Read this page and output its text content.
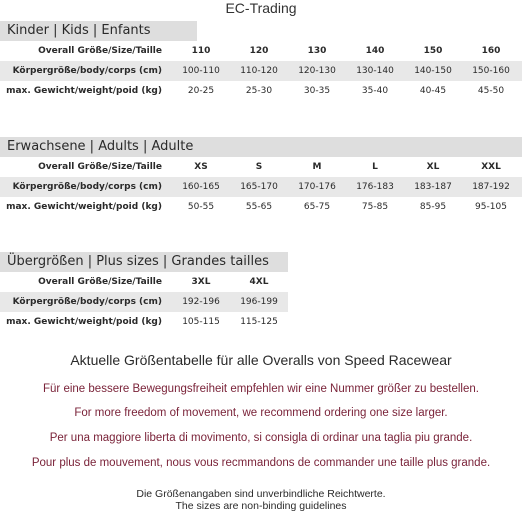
EC-Trading
Kinder | Kids | Enfants
Overall Größe/Size/Taille	110	120	130	140	150	160
Körpergröße/body/corps (cm)	100-110	110-120	120-130	130-140	140-150	150-160
max. Gewicht/weight/poid (kg)	20-25	25-30	30-35	35-40	40-45	45-50
Erwachsene | Adults | Adulte
Overall Größe/Size/Taille	XS	S	M	L	XL	XXL
Körpergröße/body/corps (cm)	160-165	165-170	170-176	176-183	183-187	187-192
max. Gewicht/weight/poid (kg)	50-55	55-65	65-75	75-85	85-95	95-105
Übergrößen | Plus sizes | Grandes tailles
Overall Größe/Size/Taille	3XL	4XL
Körpergröße/body/corps (cm)	192-196	196-199
max. Gewicht/weight/poid (kg)	105-115	115-125
Aktuelle Größentabelle für alle Overalls von Speed Racewear
Für eine bessere Bewegungsfreiheit empfehlen wir eine Nummer größer zu bestellen.
For more freedom of movement, we recommend ordering one size larger.
Per una maggiore liberta di movimento, si consigla di ordinar una taglia piu grande.
Pour plus de mouvement, nous vous recmmandons de commander une taille plus grande.
Die Größenangaben sind unverbindliche Reichtwerte.
The sizes are non-binding guidelines
